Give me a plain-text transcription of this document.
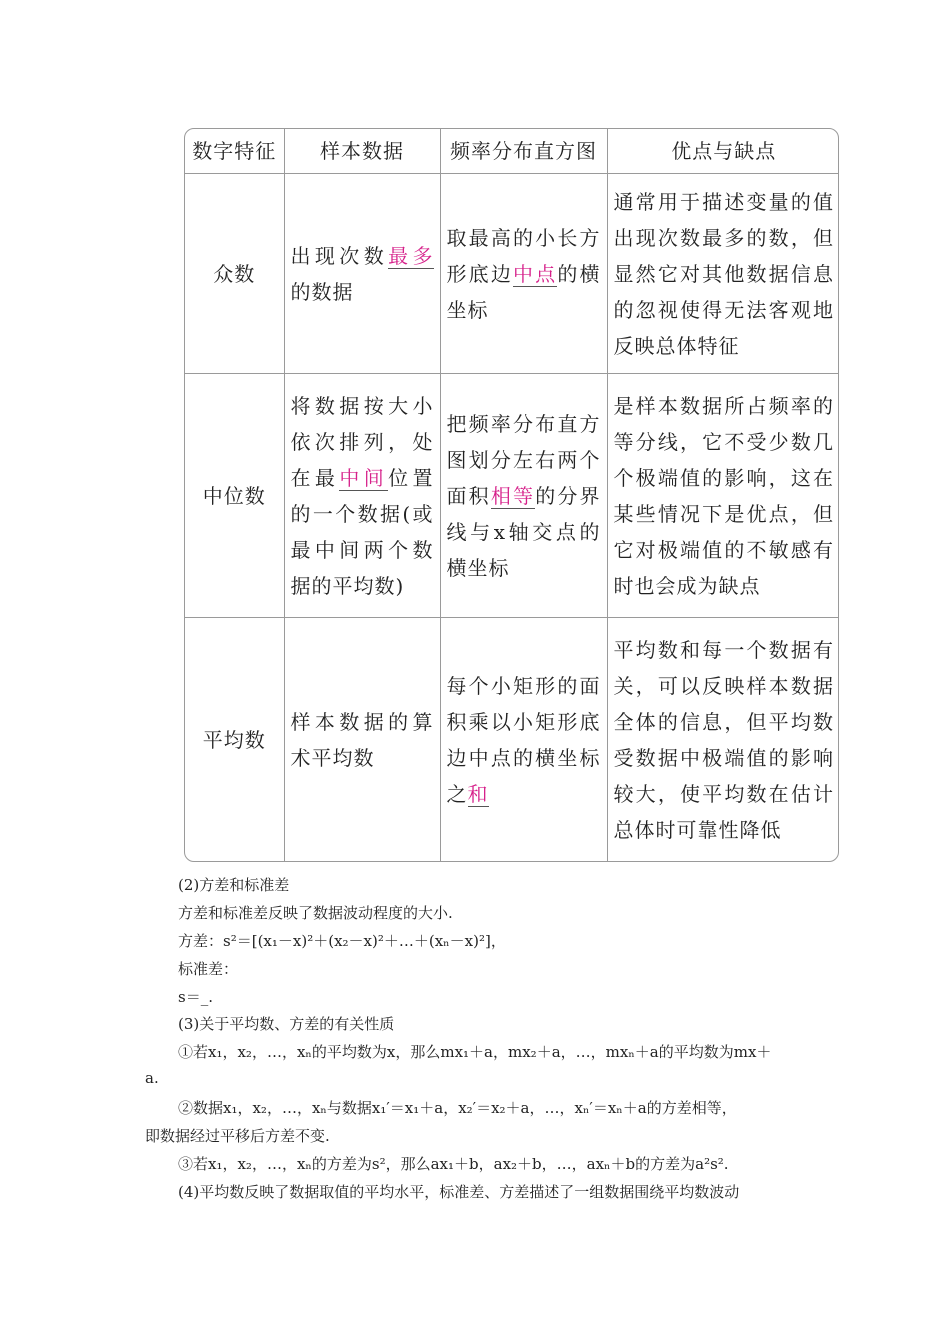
数字特征	样本数据	频率分布直方图	优点与缺点
众数	出现次数最多的数据	取最高的小长方形底边中点的横坐标	通常用于描述变量的值出现次数最多的数，但显然它对其他数据信息的忽视使得无法客观地反映总体特征
中位数	将数据按大小依次排列，处在最中间位置的一个数据(或最中间两个数据的平均数)	把频率分布直方图划分左右两个面积相等的分界线与x轴交点的横坐标	是样本数据所占频率的等分线，它不受少数几个极端值的影响，这在某些情况下是优点，但它对极端值的不敏感有时也会成为缺点
平均数	样本数据的算术平均数	每个小矩形的面积乘以小矩形底边中点的横坐标之和	平均数和每一个数据有关，可以反映样本数据全体的信息，但平均数受数据中极端值的影响较大，使平均数在估计总体时可靠性降低
(2)方差和标准差
方差和标准差反映了数据波动程度的大小.
方差：s²＝[(x₁－x)²＋(x₂－x)²＋…＋(xₙ－x)²]，
标准差：
s＝_.
(3)关于平均数、方差的有关性质
①若x₁，x₂，…，xₙ的平均数为x，那么mx₁＋a，mx₂＋a，…，mxₙ＋a的平均数为mx＋
a.
②数据x₁，x₂，…，xₙ与数据x₁′＝x₁＋a，x₂′＝x₂＋a，…，xₙ′＝xₙ＋a的方差相等，
即数据经过平移后方差不变.
③若x₁，x₂，…，xₙ的方差为s²，那么ax₁＋b，ax₂＋b，…，axₙ＋b的方差为a²s².
(4)平均数反映了数据取值的平均水平，标准差、方差描述了一组数据围绕平均数波动
